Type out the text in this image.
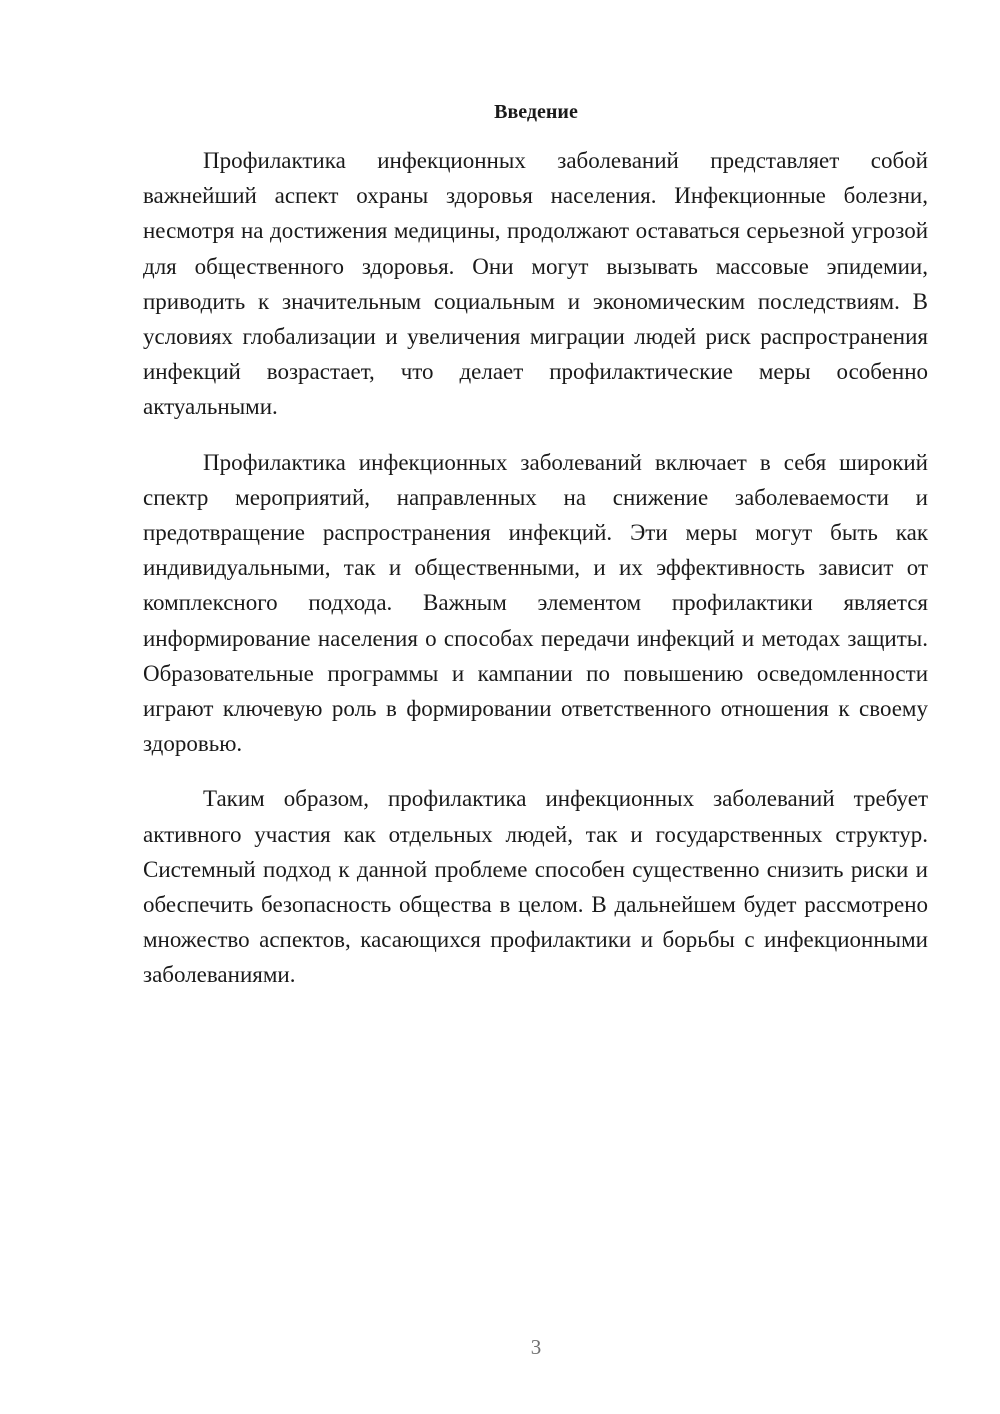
Введение

Профилактика инфекционных заболеваний представляет собой важнейший аспект охраны здоровья населения. Инфекционные болезни, несмотря на достижения медицины, продолжают оставаться серьезной угрозой для общественного здоровья. Они могут вызывать массовые эпидемии, приводить к значительным социальным и экономическим последствиям. В условиях глобализации и увеличения миграции людей риск распространения инфекций возрастает, что делает профилактические меры особенно актуальными.

Профилактика инфекционных заболеваний включает в себя широкий спектр мероприятий, направленных на снижение заболеваемости и предотвращение распространения инфекций. Эти меры могут быть как индивидуальными, так и общественными, и их эффективность зависит от комплексного подхода. Важным элементом профилактики является информирование населения о способах передачи инфекций и методах защиты. Образовательные программы и кампании по повышению осведомленности играют ключевую роль в формировании ответственного отношения к своему здоровью.

Таким образом, профилактика инфекционных заболеваний требует активного участия как отдельных людей, так и государственных структур. Системный подход к данной проблеме способен существенно снизить риски и обеспечить безопасность общества в целом. В дальнейшем будет рассмотрено множество аспектов, касающихся профилактики и борьбы с инфекционными заболеваниями.

3
